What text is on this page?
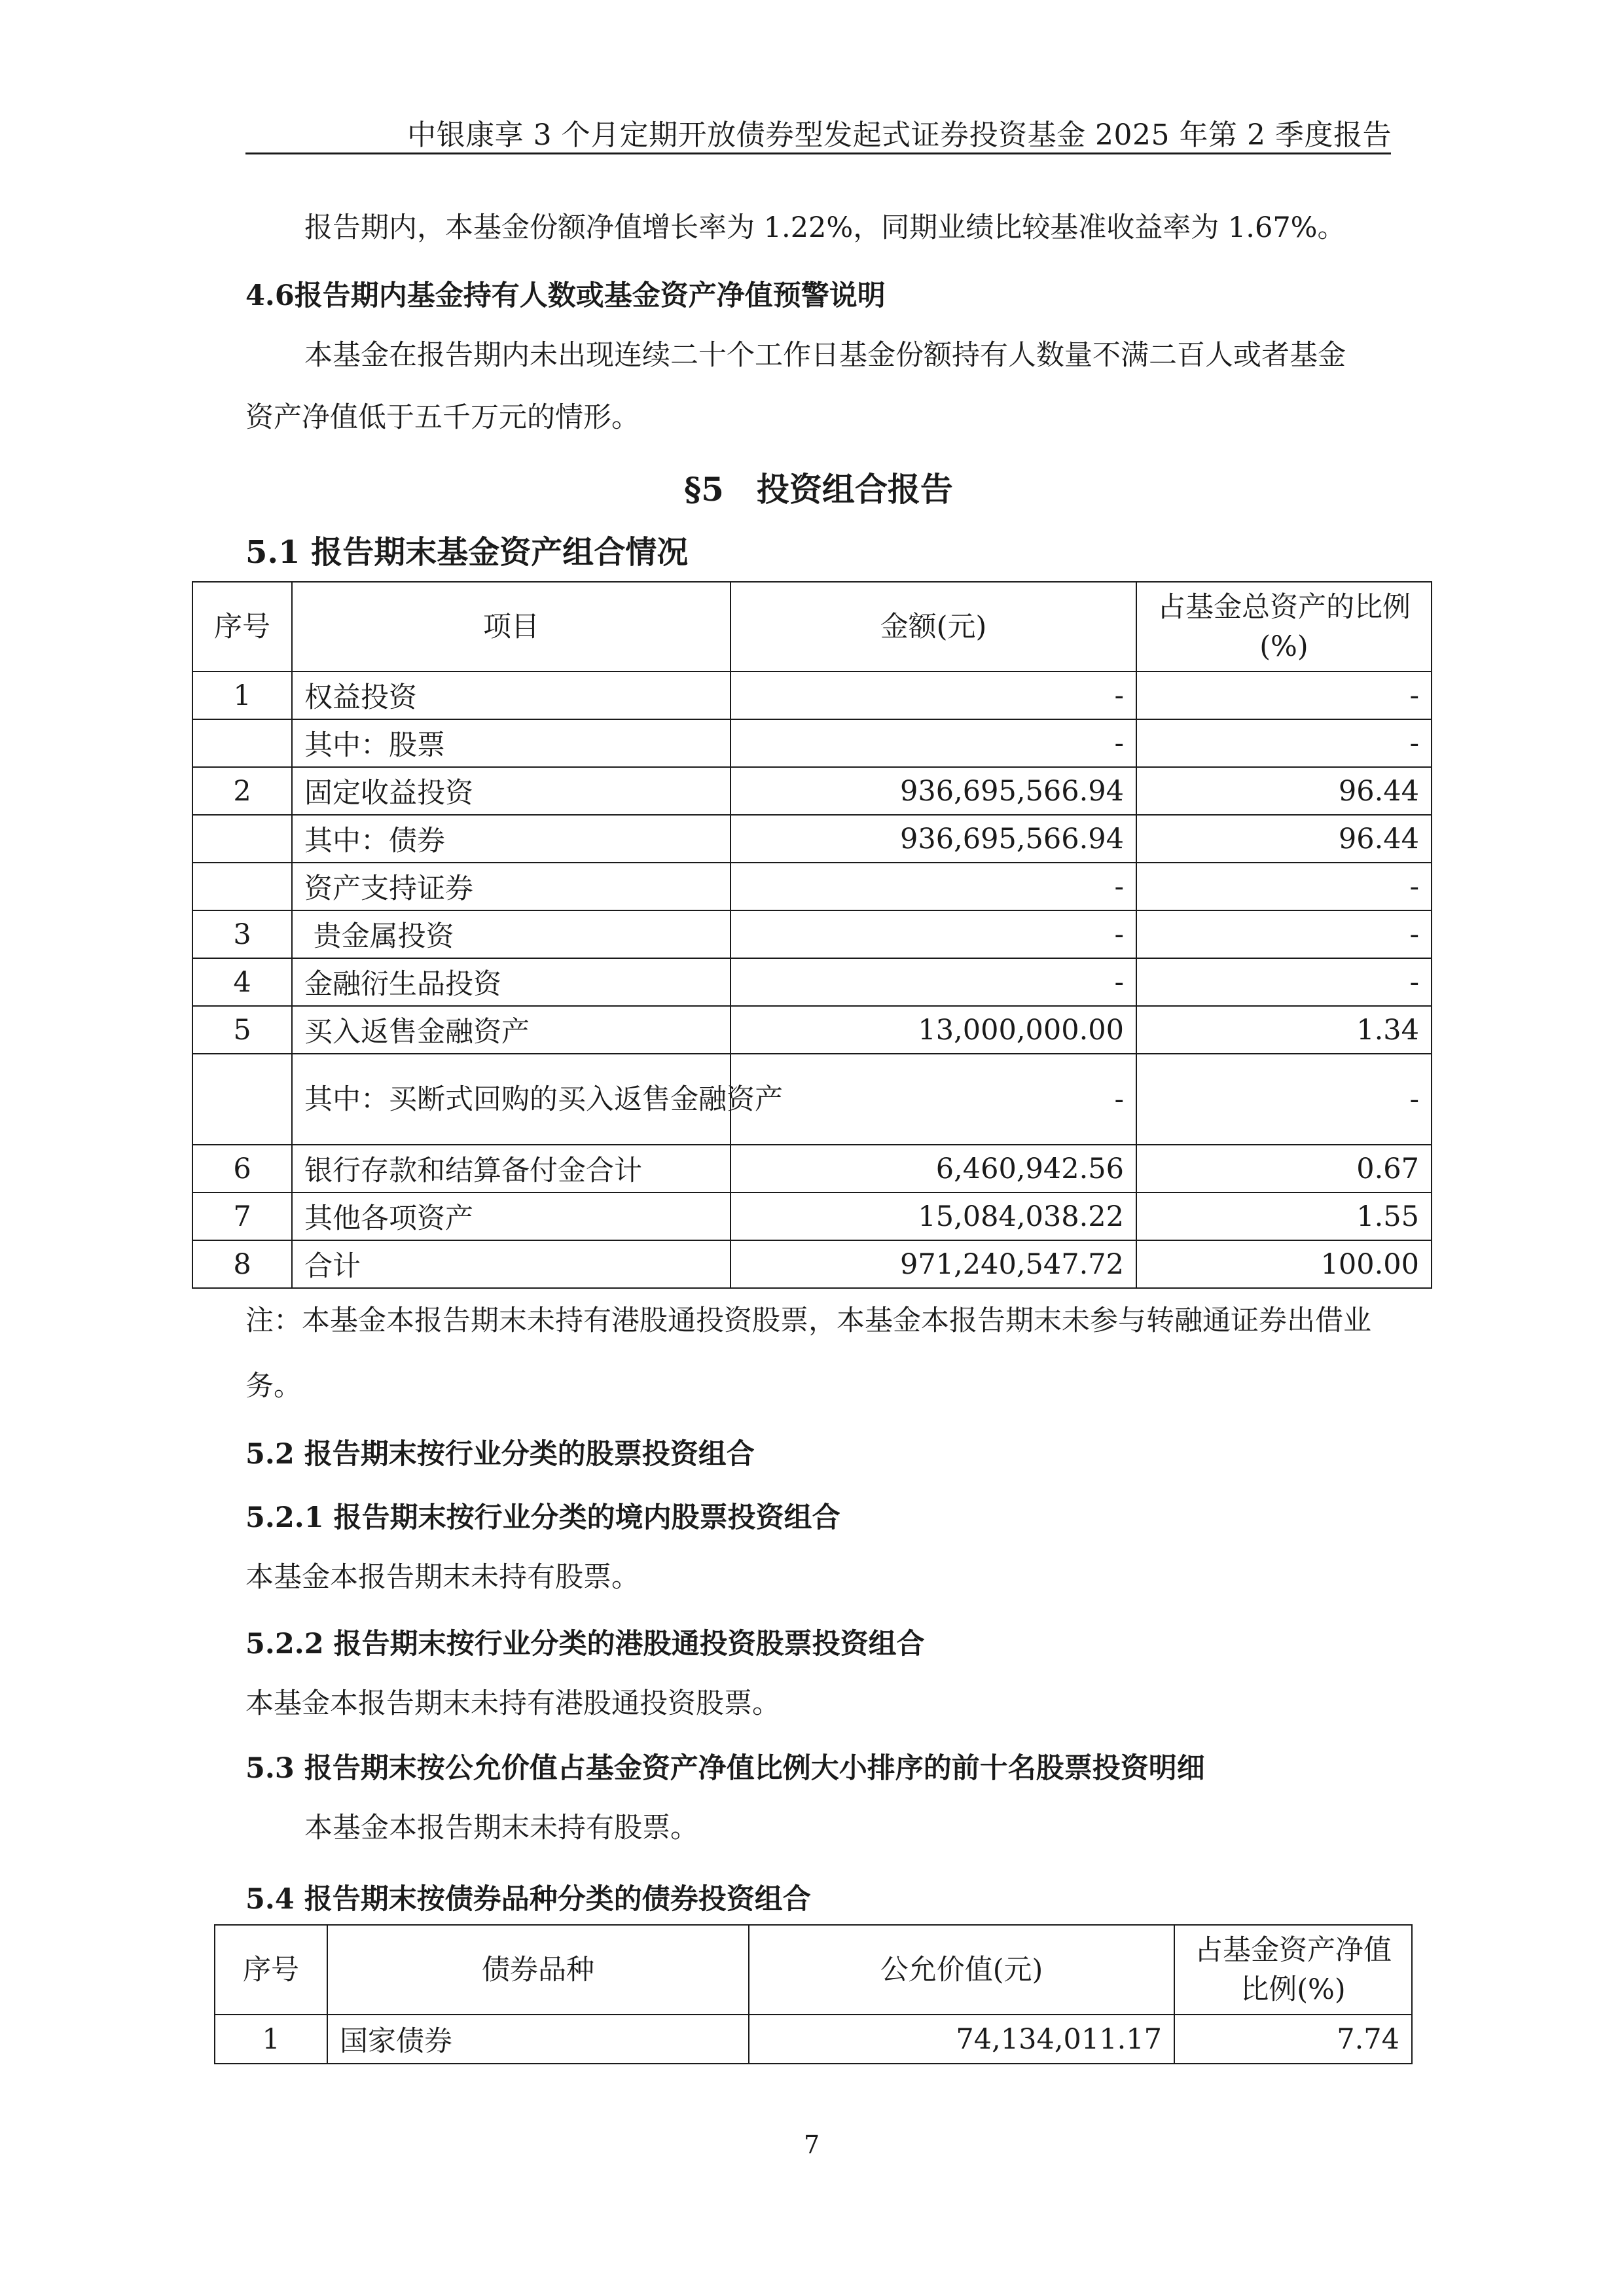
中银康享 3 个月定期开放债券型发起式证券投资基金 2025 年第 2 季度报告
报告期内，本基金份额净值增长率为 1.22%，同期业绩比较基准收益率为 1.67%。
4.6报告期内基金持有人数或基金资产净值预警说明
本基金在报告期内未出现连续二十个工作日基金份额持有人数量不满二百人或者基金
资产净值低于五千万元的情形。
§5　投资组合报告
5.1 报告期末基金资产组合情况
序号	项目	金额(元)	占基金总资产的比例(%)
1	权益投资	-	-
	其中：股票	-	-
2	固定收益投资	936,695,566.94	96.44
	其中：债券	936,695,566.94	96.44
	资产支持证券	-	-
3	贵金属投资	-	-
4	金融衍生品投资	-	-
5	买入返售金融资产	13,000,000.00	1.34
	其中：买断式回购的买入返售金融资产	-	-
6	银行存款和结算备付金合计	6,460,942.56	0.67
7	其他各项资产	15,084,038.22	1.55
8	合计	971,240,547.72	100.00
注：本基金本报告期末未持有港股通投资股票，本基金本报告期末未参与转融通证券出借业
务。
5.2 报告期末按行业分类的股票投资组合
5.2.1 报告期末按行业分类的境内股票投资组合
本基金本报告期末未持有股票。
5.2.2 报告期末按行业分类的港股通投资股票投资组合
本基金本报告期末未持有港股通投资股票。
5.3 报告期末按公允价值占基金资产净值比例大小排序的前十名股票投资明细
本基金本报告期末未持有股票。
5.4 报告期末按债券品种分类的债券投资组合
序号	债券品种	公允价值(元)	占基金资产净值比例(%)
1	国家债券	74,134,011.17	7.74
7
